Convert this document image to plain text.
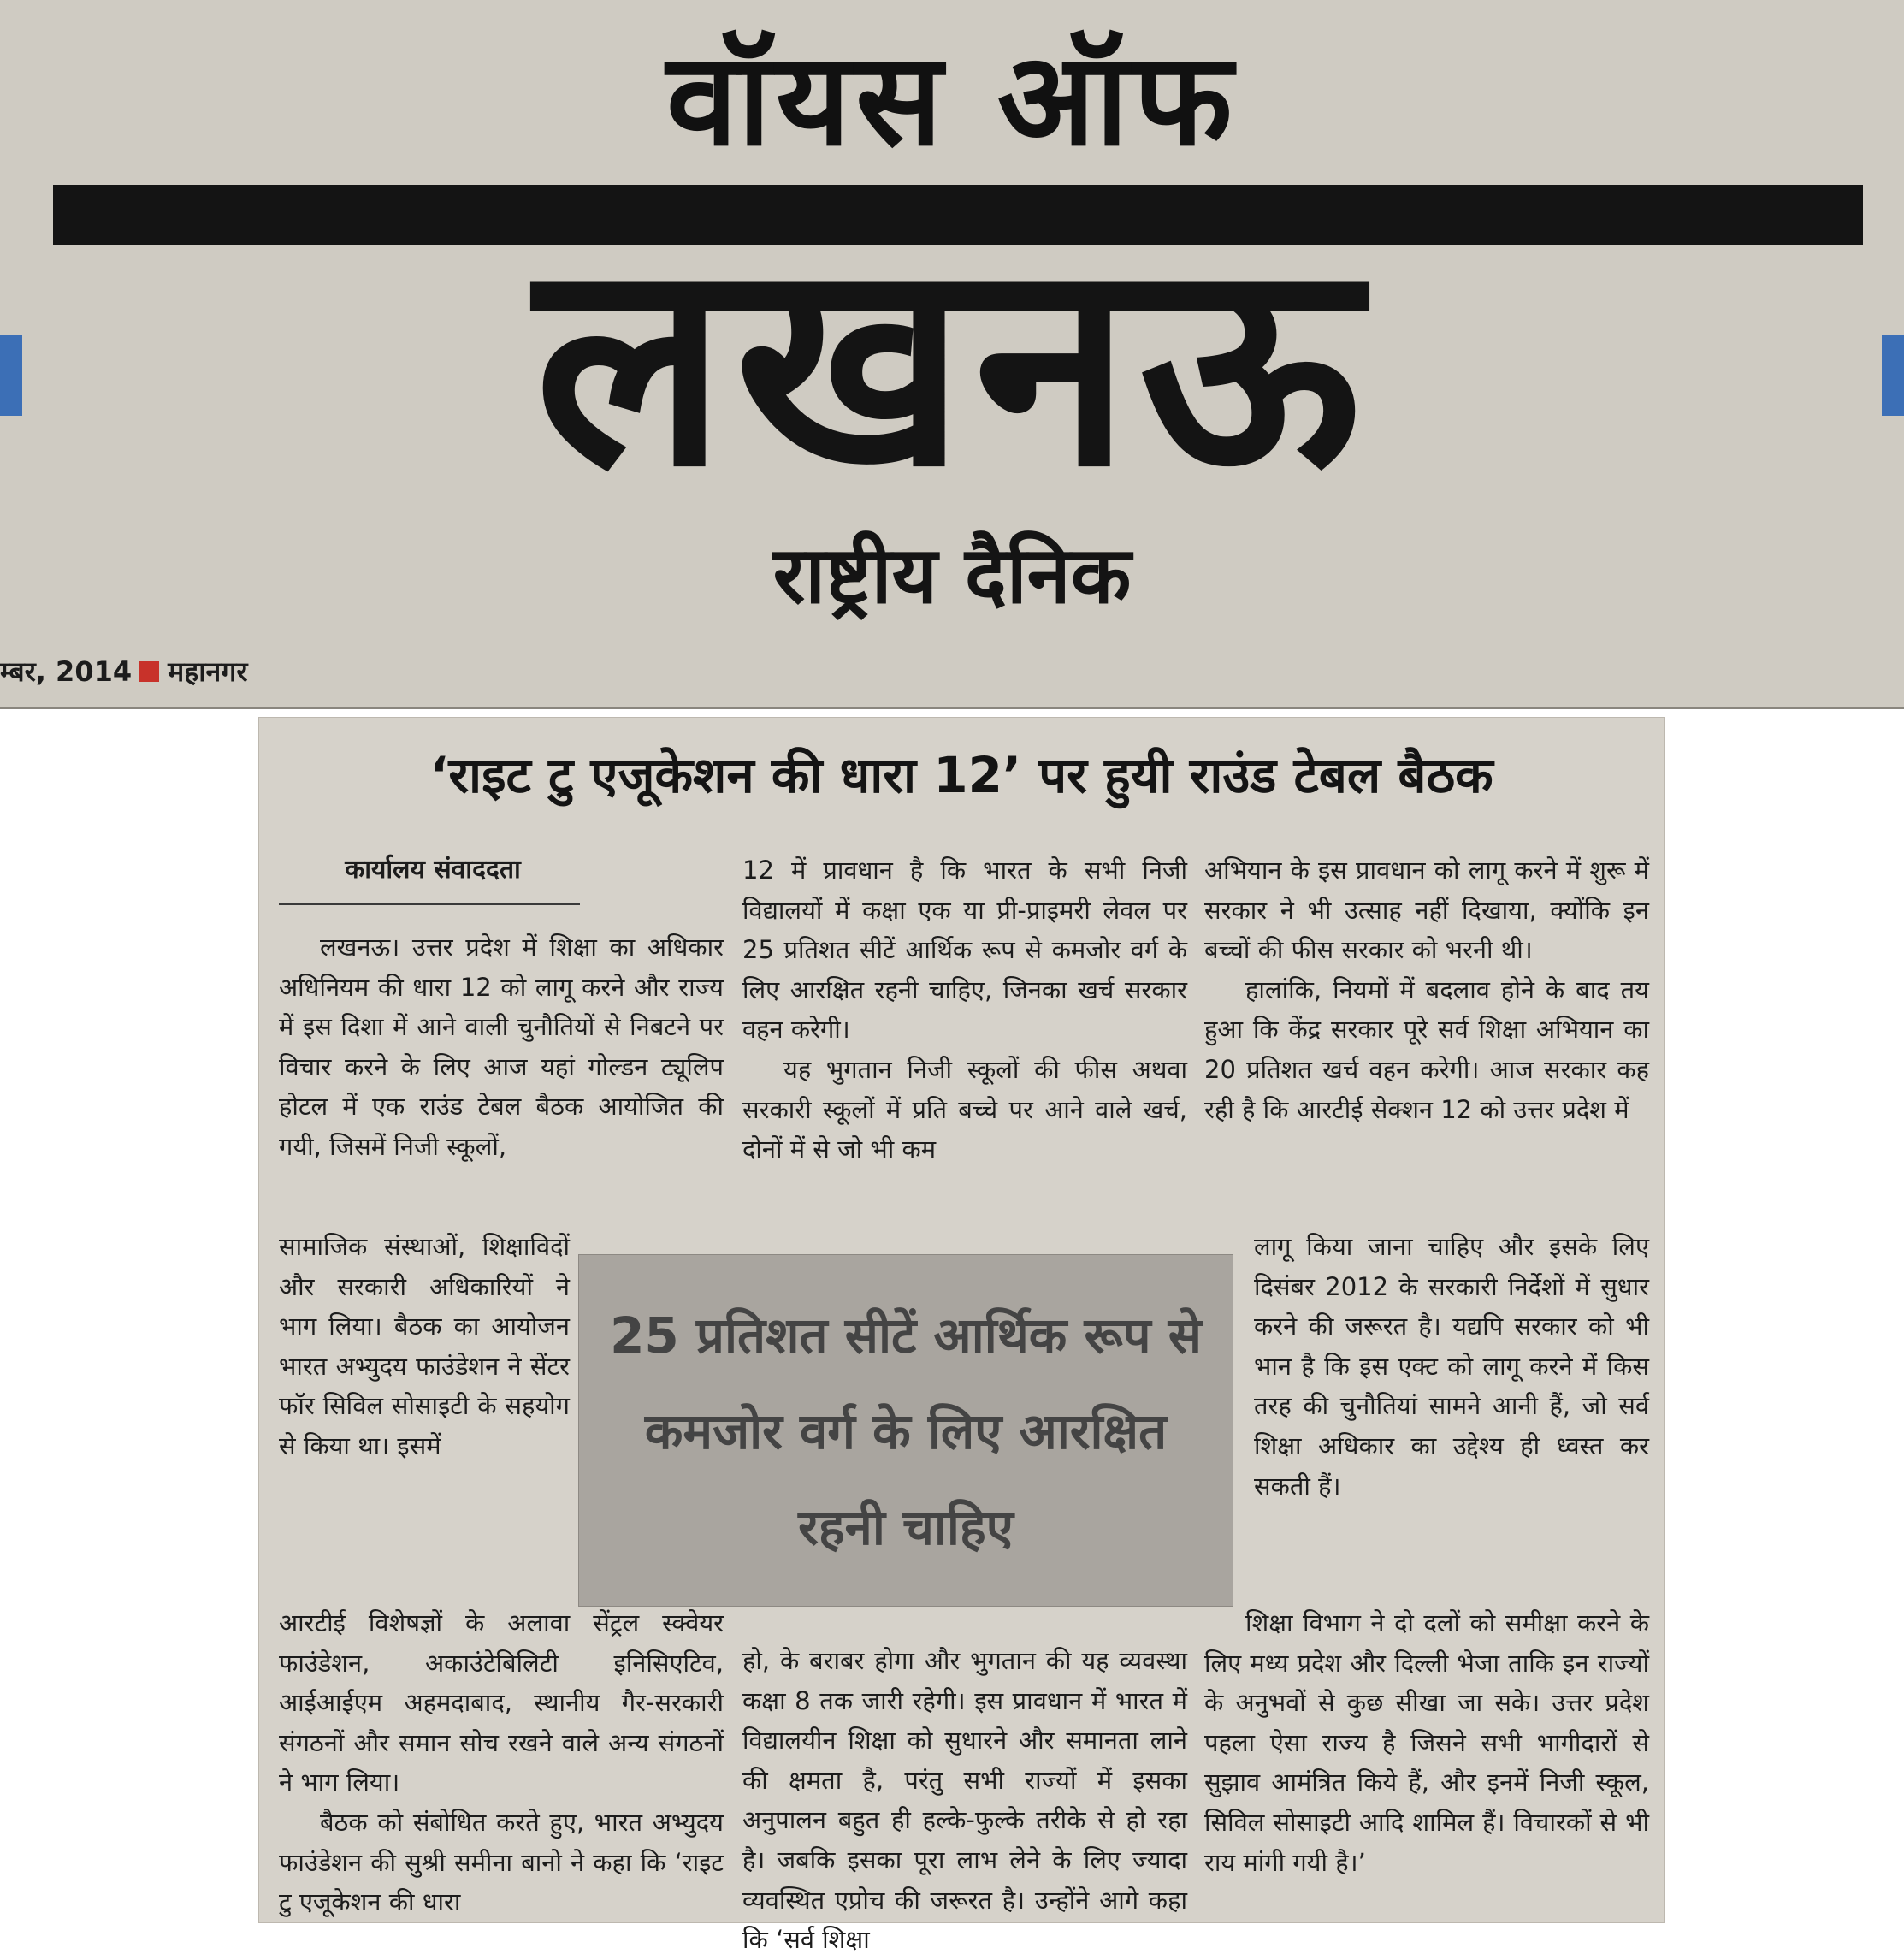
वॉयस ऑफ
लखनऊ
राष्ट्रीय दैनिक
म्बर, 2014 महानगर
‘राइट टु एजूकेशन की धारा 12’ पर हुयी राउंड टेबल बैठक
कार्यालय संवाददता

लखनऊ। उत्तर प्रदेश में शिक्षा का अधिकार अधिनियम की धारा 12 को लागू करने और राज्य में इस दिशा में आने वाली चुनौतियों से निबटने पर विचार करने के लिए आज यहां गोल्डन ट्यूलिप होटल में एक राउंड टेबल बैठक आयोजित की गयी, जिसमें निजी स्कूलों,

सामाजिक संस्थाओं, शिक्षाविदों और सरकारी अधिकारियों ने भाग लिया। बैठक का आयोजन भारत अभ्युदय फाउंडेशन ने सेंटर फॉर सिविल सोसाइटी के सहयोग से किया था। इसमें

आरटीई विशेषज्ञों के अलावा सेंट्रल स्क्वेयर फाउंडेशन, अकाउंटेबिलिटी इनिसिएटिव, आईआईएम अहमदाबाद, स्थानीय गैर-सरकारी संगठनों और समान सोच रखने वाले अन्य संगठनों ने भाग लिया।

बैठक को संबोधित करते हुए, भारत अभ्युदय फाउंडेशन की सुश्री समीना बानो ने कहा कि ‘राइट टु एजूकेशन की धारा

12 में प्रावधान है कि भारत के सभी निजी विद्यालयों में कक्षा एक या प्री-प्राइमरी लेवल पर 25 प्रतिशत सीटें आर्थिक रूप से कमजोर वर्ग के लिए आरक्षित रहनी चाहिए, जिनका खर्च सरकार वहन करेगी।

यह भुगतान निजी स्कूलों की फीस अथवा सरकारी स्कूलों में प्रति बच्चे पर आने वाले खर्च, दोनों में से जो भी कम

हो, के बराबर होगा और भुगतान की यह व्यवस्था कक्षा 8 तक जारी रहेगी। इस प्रावधान में भारत में विद्यालयीन शिक्षा को सुधारने और समानता लाने की क्षमता है, परंतु सभी राज्यों में इसका अनुपालन बहुत ही हल्के-फुल्के तरीके से हो रहा है। जबकि इसका पूरा लाभ लेने के लिए ज्यादा व्यवस्थित एप्रोच की जरूरत है। उन्होंने आगे कहा कि ‘सर्व शिक्षा

अभियान के इस प्रावधान को लागू करने में शुरू में सरकार ने भी उत्साह नहीं दिखाया, क्योंकि इन बच्चों की फीस सरकार को भरनी थी।

हालांकि, नियमों में बदलाव होने के बाद तय हुआ कि केंद्र सरकार पूरे सर्व शिक्षा अभियान का 20 प्रतिशत खर्च वहन करेगी। आज सरकार कह रही है कि आरटीई सेक्शन 12 को उत्तर प्रदेश में

लागू किया जाना चाहिए और इसके लिए दिसंबर 2012 के सरकारी निर्देशों में सुधार करने की जरूरत है। यद्यपि सरकार को भी भान है कि इस एक्ट को लागू करने में किस तरह की चुनौतियां सामने आनी हैं, जो सर्व शिक्षा अधिकार का उद्देश्य ही ध्वस्त कर सकती हैं।

शिक्षा विभाग ने दो दलों को समीक्षा करने के लिए मध्य प्रदेश और दिल्ली भेजा ताकि इन राज्यों के अनुभवों से कुछ सीखा जा सके। उत्तर प्रदेश पहला ऐसा राज्य है जिसने सभी भागीदारों से सुझाव आमंत्रित किये हैं, और इनमें निजी स्कूल, सिविल सोसाइटी आदि शामिल हैं। विचारकों से भी राय मांगी गयी है।’

25 प्रतिशत सीटें आर्थिक रूप से कमजोर वर्ग के लिए आरक्षित रहनी चाहिए
